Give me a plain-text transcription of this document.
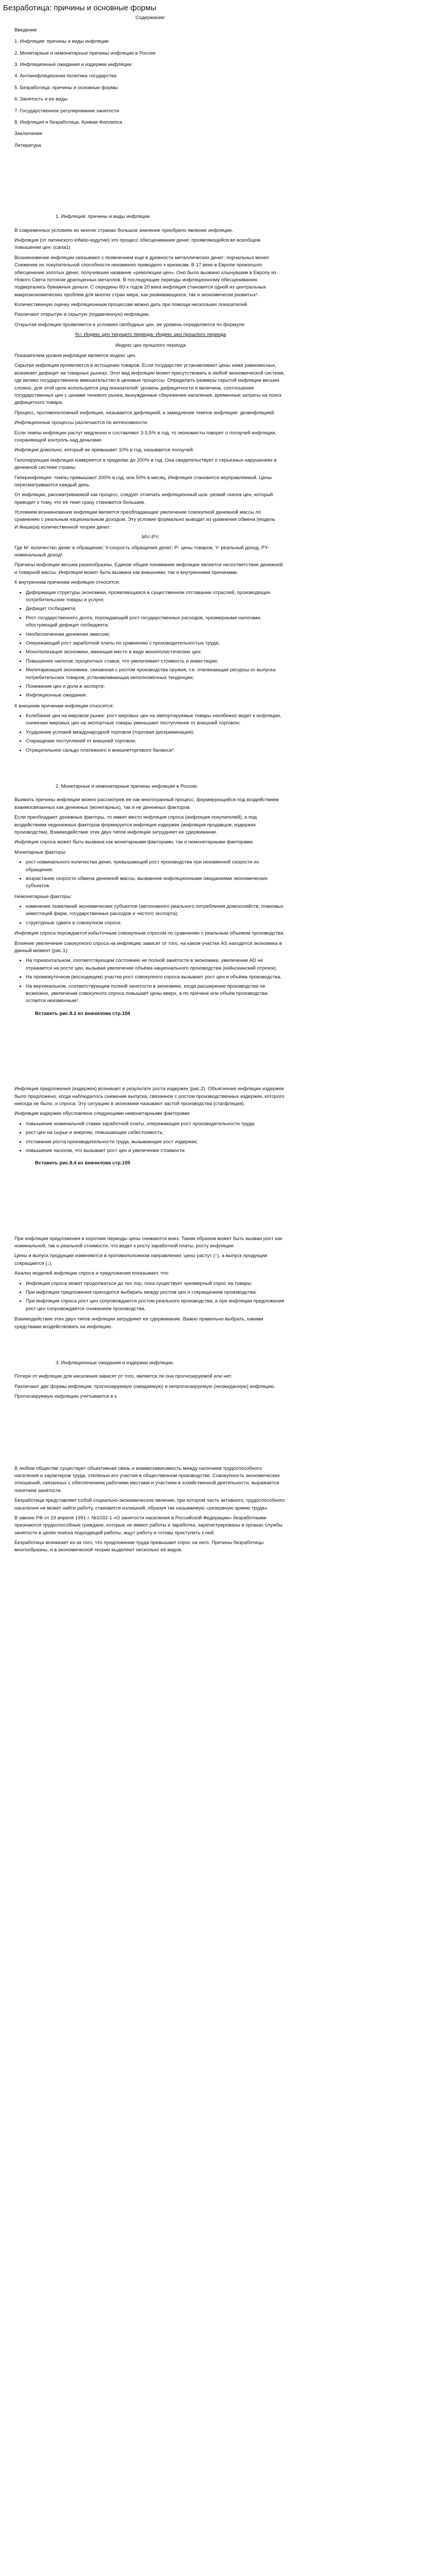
Безработица: причины и основные формы
Содержание:
Введение
1. Инфляция: причины и виды инфляции
2. Монетарные и немонетарные причины инфляции в России
3. Инфляционные ожидания и издержки инфляции
4. Антиинфляционная политика государства
5. Безработица: причины и основные формы
6. Занятость и ее виды
7. Государственное регулирование занятости
8. Инфляция и безработица. Кривая Филлипса
Заключение
Литература
1. Инфляция: причины и виды инфляции

В современных условиях во многих странах большое значение приобрело явление инфляции.

Инфляция (от латинского inflatio-вздутие) это процесс обесценивания денег, проявляющийся во всеобщем повышении цен. (carta1)

Возникновение инфляции связывают с появлением еще в древности металлических денег: порчальных монет. Снижение их покупательной способности неизменно приводило к кризисам. В 17 веке в Европе произошло обесценение золотых денег, получившее название «революции цен». Оно было вызвано хлынувшим в Европу из Нового Света потоком драгоценных металлов. В последующие периоды инфляционному обесцениванию подвергались бумажные деньги. С середины 60-х годов 20 века инфляция становится одной из центральных макроэкономических проблем для многих стран мира, как развивающихся, так и экономически развитых¹.

Количественную оценку инфляционным процессам можно дать при помощи нескольких показателей.

Различают открытую и скрытую (подавленную) инфляцию.

Открытая инфляция проявляется в условиях свободных цен, ее уровень определяется по формуле:

%= Индекс цен текущего периода- Индекс цен прошлого периода
Индекс цен прошлого периода

Показателем уровня инфляции является индекс цен.

Скрытая инфляция проявляется в истощении товаров. Если государство устанавливает цены ниже равновесных, возникает дефицит на товарных рынках. Этот вид инфляции может присутствовать в любой экономической системе, где велико государственное вмешательство в ценовые процессы. Определить размеры скрытой инфляции весьма сложно, для этой цели используется ряд показателей: уровень дефицитности и величина, соотношение государственных цен с ценами теневого рынка, вынужденные сбережения населения, временные затраты на поиск дефицитного товара.

Процесс, противоположный инфляции, называется дефляцией, а замедление темпов инфляции- дезинфляцией.

Инфляционные процессы различаются по интенсивности.

Если темпы инфляции растут медленно и составляют 3-3,5% в год, то экономисты говорят о ползучей инфляции, сохраняющей контроль над деньгами.

Инфляция довольно, который не превышает 10% в год, называется ползучей.

Галопирующая инфляция измеряется в пределах до 200% в год. Она свидетельствует о серьезных нарушениях в денежной системе страны.

Гиперинфляция- темпы превышают 200% в год, или 50% в месяц. Инфляция становится неуправляемой. Цены пересматриваются каждый день.

От инфляции, рассматриваемой как процесс, следует отличать инфляционный шок- резкий скачок цен, который приводит к тому, что её темп сразу становится большим.

Условием возникновения инфляции является преобладающее увеличение совокупной денежной массы по сравнению с реальным национальным доходом. Эту условие формально выводит из уравнения обмена (модель И.Фишера) количественной теории денег:

MV=PY,

Где М- количество денег в обращении; V-скорость обращения денег; Р- цены товаров, Y- реальный доход, PY- номинальный доход².

Причины инфляции весьма разнообразны. Единое общее понимание инфляции является несоответствие денежной и товарной массы. Инфляция может быть вызвана как внешними, так и внутренними причинами.

К внутренним причинам инфляции относится:

• Деформация структуры экономики, проявляющаяся в существенном отставании отраслей, производящих потребительские товары и услуги;
• Дефицит госбюджета;
• Рост государственного долга, порождающий рост государственных расходов, чрезмерными налогами, обостряющий дефицит госбюджета;
• Необеспеченная денежная эмиссия;
• Опережающий рост заработной платы по сравнению с производительностью труда;
• Монополизация экономики, имеющая место в виде монополистических цен;
• Повышение налогов, процентных ставок, что увеличивает стоимость и инвестиции;
• Милитаризация экономики, связанная с ростом производства оружия, т.е. отвлекающая ресурсы от выпуска потребительских товаров, устанавливающая неполномочных тенденции;
• Понижение цен и доли в экспорте;
• Инфляционные ожидания.

К внешним причинам инфляции относятся:

• Колебания цен на мировом рынке: рост мировых цен на импортируемые товары неизбежно ведет к инфляции, снижение мировых цен на экспортные товары уменьшает поступление от внешней торговли;
• Ухудшение условий международной торговли (торговая дискриминация);
• Сокращение поступлений от внешней торговли;
• Отрицательное сальдо платежного и внешнеторгового баланса³.
2. Монетарные и немонетарные причины инфляции в России.

Выявить причины инфляции можно рассмотрев ее как многогранный процесс, формирующийся под воздействием взаимосвязанных как денежных (монетарных), так и не денежных факторов.

Если преобладают денежные факторы, то имеет место инфляция спроса (инфляция покупателей), а под воздействием неденежных факторов формируется инфляция издержек (инфляция продавцов, издержек производства). Взаимодействие этих двух типов инфляции затрудняет ее сдерживание.

Инфляция спроса может быть вызвана как монетарными факторами, так и немонетарными факторами.

Монетарные факторы:

• рост номинального количества денег, превышающий рост производства при неизменной скорости их обращения;
• возрастание скорости обмена денежной массы, вызванное инфляционными ожиданиями экономических субъектов.

Немонетарные факторы:

• изменение пожеланий экономических субъектов (автономного реального потребления домохозяйств, плановых инвестиций фирм, государственных расходов и чистого экспорта);
• структурные сдвиги в совокупном спросе.

Инфляция спроса порождается избыточным совокупным спросом по сравнению с реальным объемом производства.

Влияние увеличения совокупного спроса на инфляцию зависит от того, на каком участке AS находится экономика в данный момент (рис.1):

• На горизонтальном, соответствующем состоянию не полной занятости в экономике, увеличение AD не отражается на росте цен, вызывая увеличение объёма национального производства (кейнсианский отрезок).
• На промежуточном (восходящем) участке рост совокупного спроса вызывает рост цен и объёма производства.
• На вертикальном, соответствующем полной занятости в экономике, когда расширение производства не возможно, увеличение совокупного спроса повышает цены вверх, а по причине или объём производства остается неизменным⁴.
Вставить рис.8.1 из вначилова стр.104

Инфляция предложения (издержек) возникает в результате роста издержек (рис.2). Объяснение инфляции издержек было предложено, когда наблюдалось снижение выпуска, связанное с ростом производственных издержек, которого никогда не было, и спроса. Эту ситуацию в экономике называют застой производства (стагфляция).

Инфляция издержек обусловлена следующими немонетарными факторами:

• повышение номинальной ставки заработной платы, опережающее рост производительности труда;
• рост цен на сырье и энергию, повышающее себестоимость;
• отставание роста производительности труда, вызывающее рост издержек;
• повышение налогов, что вызывает рост цен и увеличение стоимости.
Вставить рис.8.4 из вначилова стр.105

При инфляции предложения в короткие периоды цены снижаются вниз. Таким образом может быть вызван рост как номинальной, так и реальной стоимости, что ведет к росту заработной платы, росту инфляции.

Цены и выпуск продукции изменяются в противоположном направлении: цены растут (↑), а выпуск продукции сокращается (↓).

Анализ моделей инфляции спроса и предложения показывает, что:

• Инфляция спроса может продолжаться до тех пор, пока существует чрезмерный спрос на товары.
• При инфляции предложения приходится выбирать между ростом цен и сокращением производства.
• При инфляции спроса рост цен сопровождается ростом реального производства, а при инфляции предложения рост цен сопровождается снижением производства.

Взаимодействие этих двух типов инфляции затрудняет ее сдерживание. Важно правильно выбрать, какими средствами воздействовать на инфляцию.

3. Инфляционные ожидания и издержки инфляции.

Потери от инфляции для населения зависят от того, является ли она прогнозируемой или нет.

Различают две формы инфляции: прогнозируемую (ожидаемую) и непрогнозируемую (неожиданную) инфляцию.

Прогнозируемую инфляцию учитывается в к

В любом обществе существует объективная связь и взаимозависимость между наличием трудоспособного населения и характером труда, степенью его участия в общественном производстве. Совокупность экономических отношений, связанных с обеспечением рабочими местами и участием в хозяйственной деятельности, выражается понятием занятости.

Безработица представляет собой социально-экономическое явление, при котором часть активного, трудоспособного населения не может найти работу, становится излишней, образуя так называемую «резервную армию труда».

В законе РФ от 19 апреля 1991 г. №1032-1 «О занятости населения в Российской Федерации» безработными признаются трудоспособные граждане, которые не имеют работы и заработка, зарегистрированы в органах службы занятости в целях поиска подходящей работы, ищут работу и готовы приступить к ней.

Безработица возникает из-за того, что предложение труда превышает спрос на него. Причины безработицы многообразны, и в экономической теории выделяют несколько её видов.
